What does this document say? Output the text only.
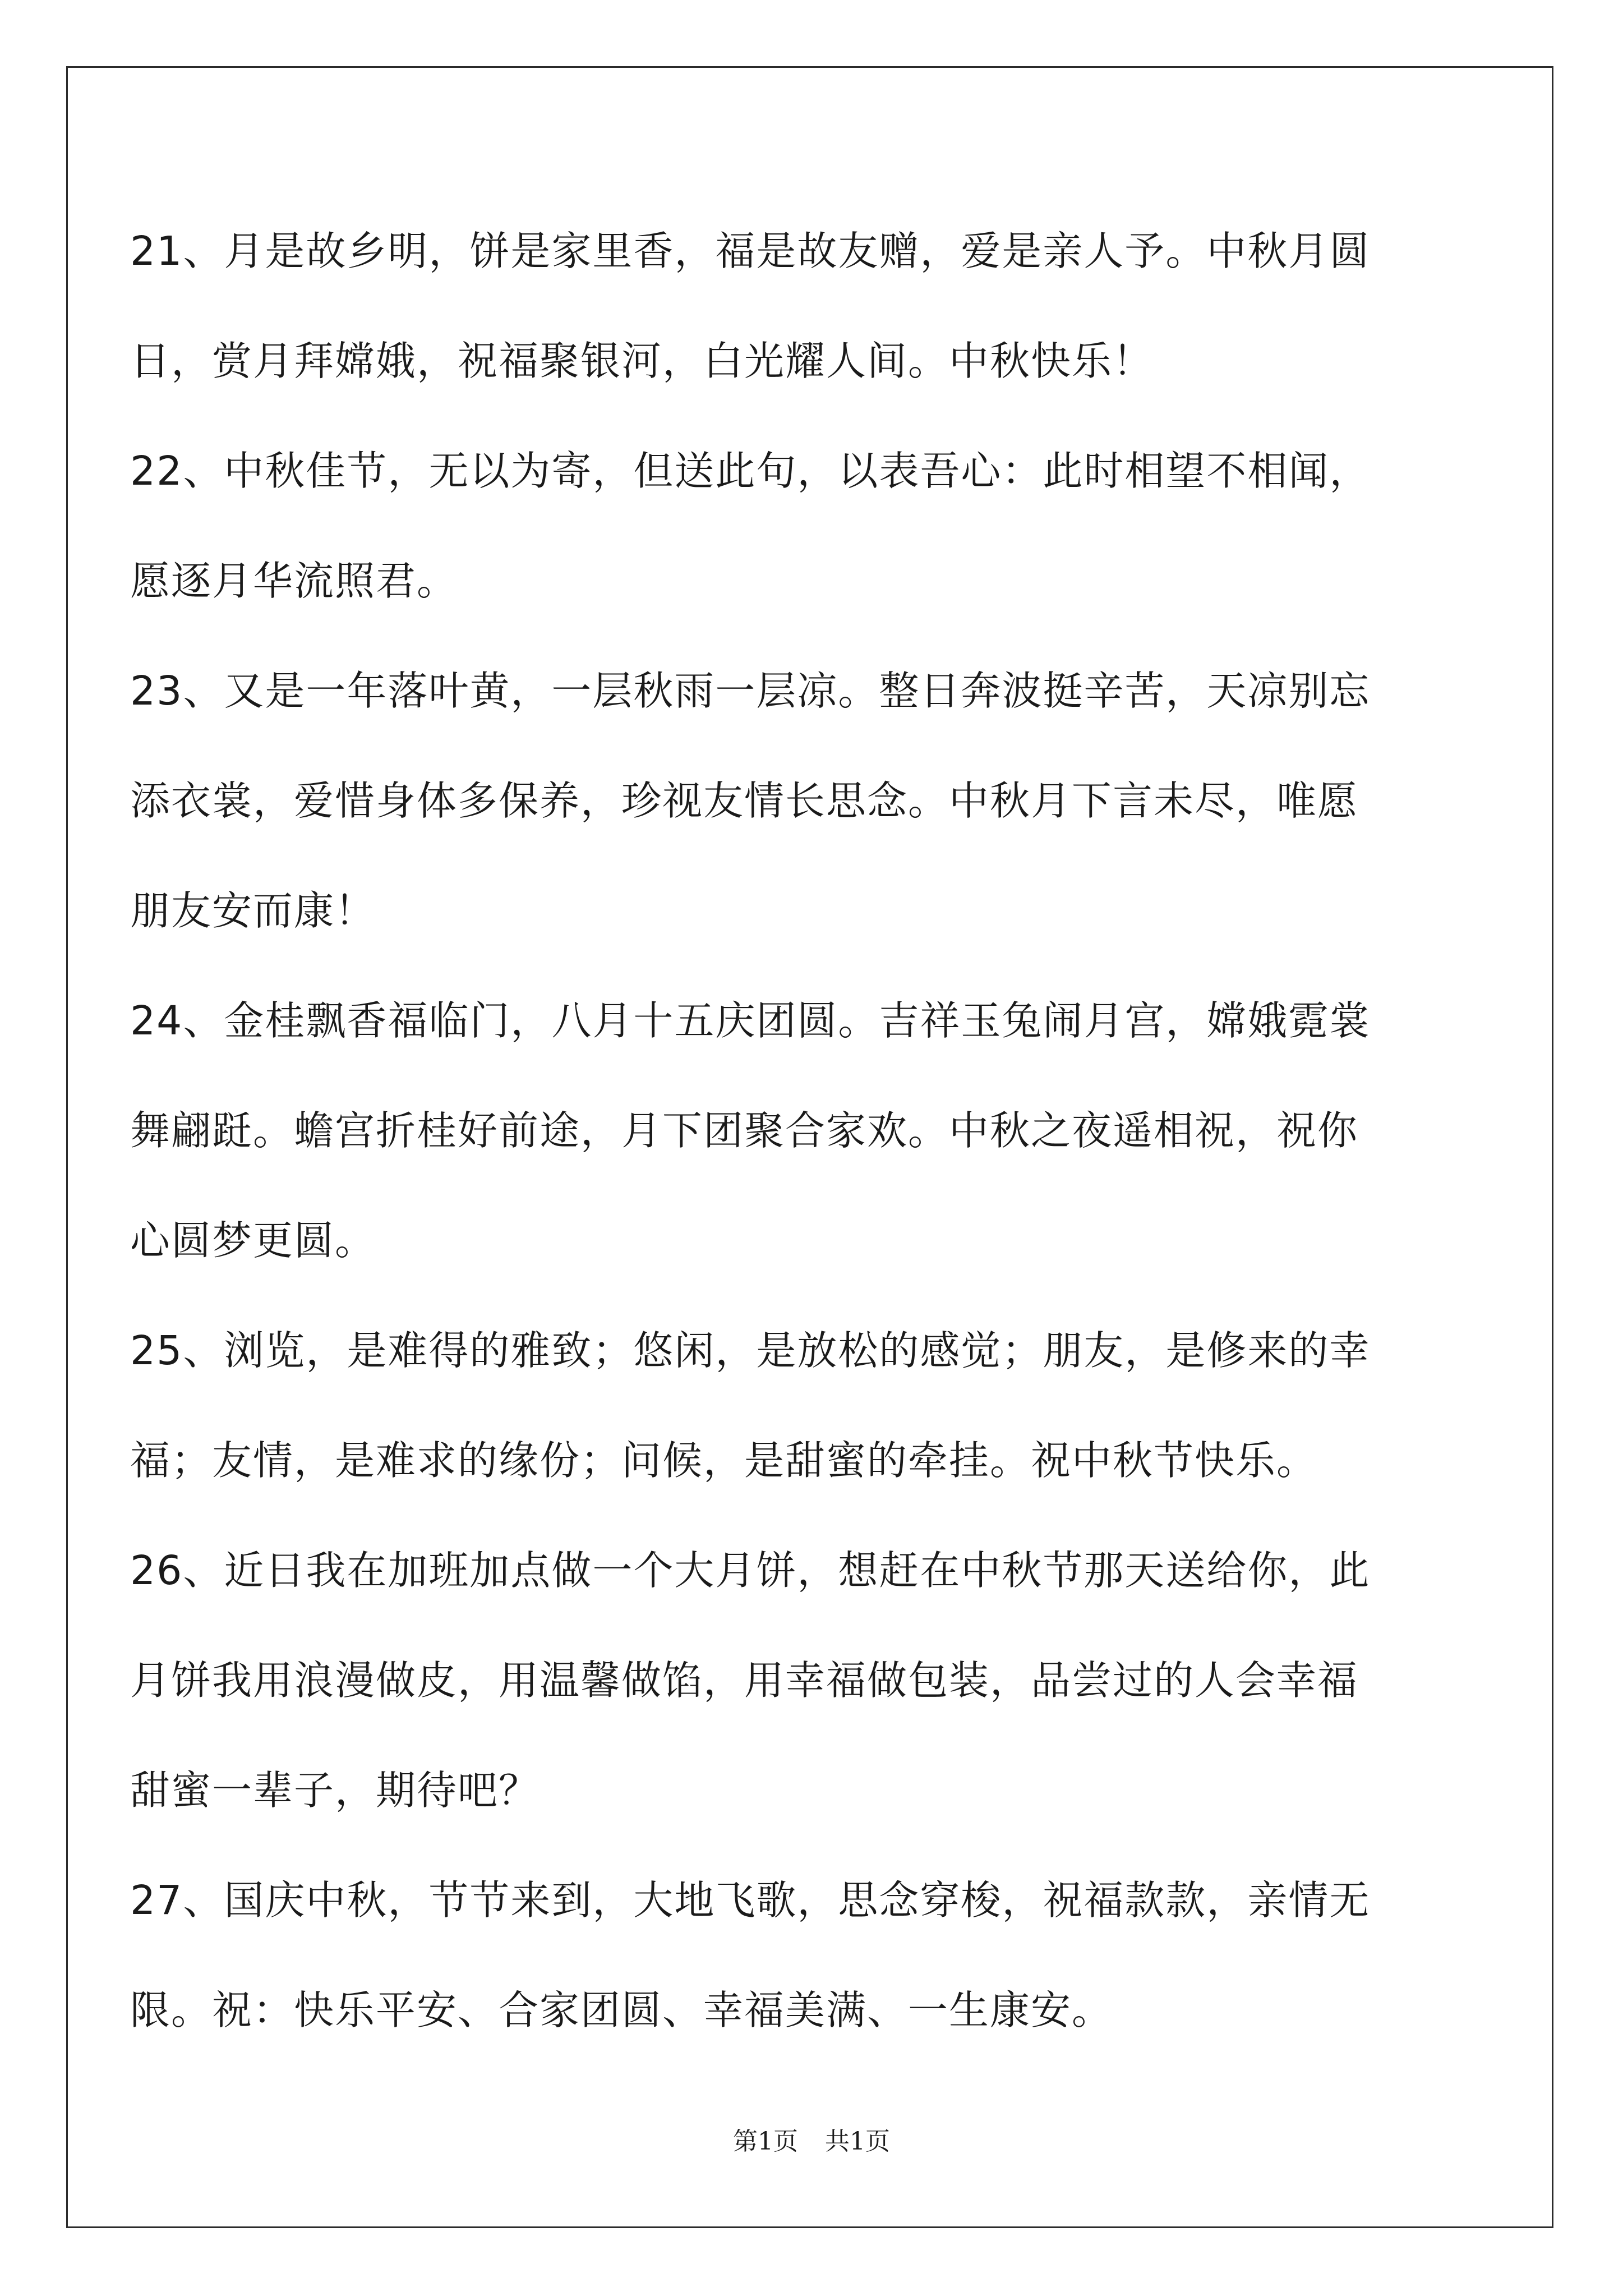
21、月是故乡明，饼是家里香，福是故友赠，爱是亲人予。中秋月圆
日，赏月拜嫦娥，祝福聚银河，白光耀人间。中秋快乐！
22、中秋佳节，无以为寄，但送此句，以表吾心：此时相望不相闻，
愿逐月华流照君。
23、又是一年落叶黄，一层秋雨一层凉。整日奔波挺辛苦，天凉别忘
添衣裳，爱惜身体多保养，珍视友情长思念。中秋月下言未尽，唯愿
朋友安而康！
24、金桂飘香福临门，八月十五庆团圆。吉祥玉兔闹月宫，嫦娥霓裳
舞翩跹。蟾宫折桂好前途，月下团聚合家欢。中秋之夜遥相祝，祝你
心圆梦更圆。
25、浏览，是难得的雅致；悠闲，是放松的感觉；朋友，是修来的幸
福；友情，是难求的缘份；问候，是甜蜜的牵挂。祝中秋节快乐。
26、近日我在加班加点做一个大月饼，想赶在中秋节那天送给你，此
月饼我用浪漫做皮，用温馨做馅，用幸福做包装，品尝过的人会幸福
甜蜜一辈子，期待吧？
27、国庆中秋，节节来到，大地飞歌，思念穿梭，祝福款款，亲情无
限。祝：快乐平安、合家团圆、幸福美满、一生康安。
第1页 共1页
